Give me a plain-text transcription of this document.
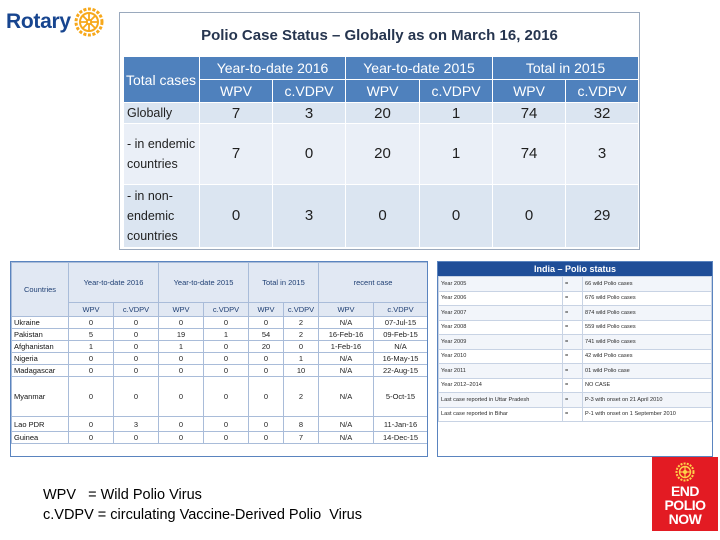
Rotary
Polio Case Status – Globally as on March 16, 2016
Total cases	Year-to-date 2016		Year-to-date 2015		Total in 2015	
	WPV	c.VDPV	WPV	c.VDPV	WPV	c.VDPV
Globally	7	3	20	1	74	32
- in endemic countries	7	0	20	1	74	3
- in non-endemic countries	0	3	0	0	0	29
Countries	Year-to-date 2016		Year-to-date 2015		Total in 2015		recent case	
	WPV	c.VDPV	WPV	c.VDPV	WPV	c.VDPV	WPV	c.VDPV
Ukraine	0	0	0	0	0	2	N/A	07-Jul-15
Pakistan	5	0	19	1	54	2	16-Feb-16	09-Feb-15
Afghanistan	1	0	1	0	20	0	1-Feb-16	N/A
Nigeria	0	0	0	0	0	1	N/A	16-May-15
Madagascar	0	0	0	0	0	10	N/A	22-Aug-15
Myanmar	0	0	0	0	0	2	N/A	5-Oct-15
Lao PDR	0	3	0	0	0	8	N/A	11-Jan-16
Guinea	0	0	0	0	0	7	N/A	14-Dec-15
India – Polio status
Year 2005	=	66 wild Polio cases
Year 2006	=	676 wild Polio cases
Year 2007	=	874 wild Polio cases
Year 2008	=	559 wild Polio cases
Year 2009	=	741 wild Polio cases
Year 2010	=	42 wild Polio cases
Year 2011	=	01 wild Polio case
Year 2012–2014	=	NO CASE
Last case reported in Uttar Pradesh	=	P-3 with onset on 21 April 2010
Last case reported in Bihar	=	P-1 with onset on 1 September 2010
WPV   = Wild Polio Virus
c.VDPV = circulating Vaccine-Derived Polio  Virus
END
POLIO
NOW
